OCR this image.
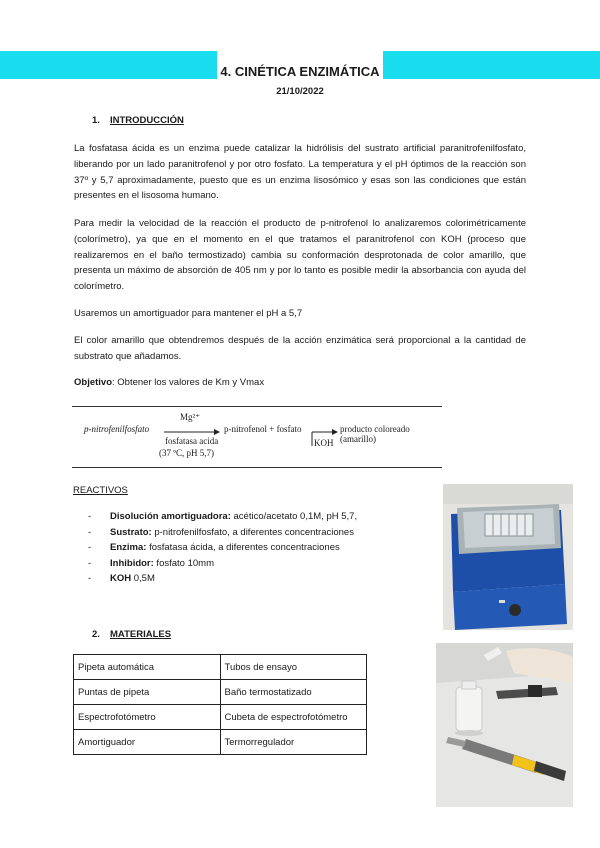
4. CINÉTICA ENZIMÁTICA
21/10/2022
1. INTRODUCCIÓN
La fosfatasa ácida es un enzima puede catalizar la hidrólisis del sustrato artificial paranitrofenilfosfato, liberando por un lado paranitrofenol y por otro fosfato. La temperatura y el pH óptimos de la reacción son 37º y 5,7 aproximadamente, puesto que es un enzima lisosómico y esas son las condiciones que están presentes en el lisosoma humano.
Para medir la velocidad de la reacción el producto de p-nitrofenol lo analizaremos colorimétricamente (colorímetro), ya que en el momento en el que tratamos el paranitrofenol con KOH (proceso que realizaremos en el baño termostizado) cambia su conformación desprotonada de color amarillo, que presenta un máximo de absorción de 405 nm y por lo tanto es posible medir la absorbancia con ayuda del colorímetro.
Usaremos un amortiguador para mantener el pH a 5,7
El color amarillo que obtendremos después de la acción enzimática será proporcional a la cantidad de substrato que añadamos.
Objetivo: Obtener los valores de Km y Vmax
p-nitrofenilfosfato
Mg²⁺
fosfatasa acida
(37 ºC, pH 5,7)
p-nitrofenol + fosfato →
KOH
producto coloreado (amarillo)
REACTIVOS
-	Disolución amortiguadora: acético/acetato 0,1M, pH 5,7,
-	Sustrato: p-nitrofenilfosfato, a diferentes concentraciones
-	Enzima: fosfatasa ácida, a diferentes concentraciones
-	Inhibidor: fosfato 10mm
-	KOH 0,5M
2. MATERIALES
Pipeta automática	Tubos de ensayo
Puntas de pipeta	Baño termostatizado
Espectrofotómetro	Cubeta de espectrofotómetro
Amortiguador	Termorregulador
